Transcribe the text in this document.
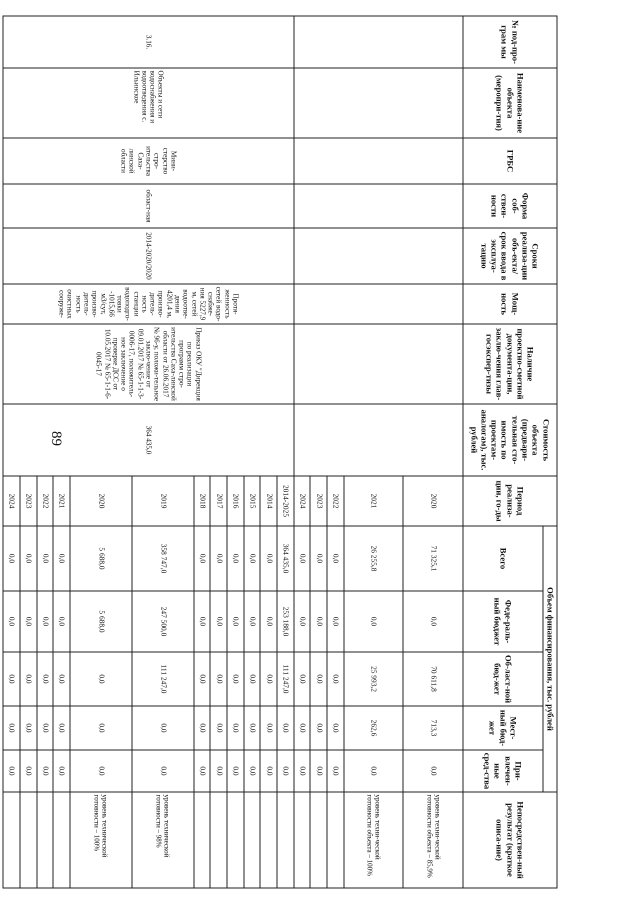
89
№ под-про-грам мы	Наименова-ние объекта (меропри-тия)	ГРБС	Форма соб-ствен-ности	Сроки реализа-ции объ-екта/срок ввода в эксплуа-тацию	Мощ-ность	Наличие проектно-сметной документа-ции, заклю-чения глав-госэкспер-тизы	Стоимость объекта (предвари-тельная сто-имость по проектам-аналогам), тыс. рублей	Период реализа-ции, го-ды	Объем финансирования, тыс. рублей					Непосредствен-ный результат (краткое описа-ние)
									Всего	Феде-раль-ный бюджет	Об-ласт-ной бюд-жет	Мест-ный бюд-жет	При-влечен-ные сред-ства	
								2020	71 325,1	0,0	70 611,8	713,3	0,0	уровень техни-ческой готовности объекта – 85,9%
								2021	26 255,8	0,0	25 993,2	262,6	0,0	уровень техни-ческой готовности объекта – 100%
								2022	0,0	0,0	0,0	0,0	0,0	
								2023	0,0	0,0	0,0	0,0	0,0	
								2024	0,0	0,0	0,0	0,0	0,0	
3.16.	Объекты и сети водоснабжения и водоотведения с. Ильинское	Мини-стерство стро-ительства Саха-линской области	област-ная	2014-2020/2020	Протя-женность сетей водо-снабже-ния 5227,9 м, сетей водоотве-дения 4201,4 м, произво-дитель-ность станции водоподго-товки -1015,66 м3/сут, произво-дитель-ность очистных сооруже-	Приказ ОКУ "Дирекция по реализации программ стро-ительства Саха-линской области от 26.06.2017 № 96-у, положи-тельное заклю-чение от 09.01.2017 № 65-1-1-3-0006-17, положитель-ное заключение о проверке ДСС от 10.05.2017 № 65-1-1-6-0045-17	364 435,0	2014-2025	364 435,0	253 188,0	111 247,0	0,0	0,0	
								2014	0,0	0,0	0,0	0,0	0,0	
								2015	0,0	0,0	0,0	0,0	0,0	
								2016	0,0	0,0	0,0	0,0	0,0	
								2017	0,0	0,0	0,0	0,0	0,0	
								2018	0,0	0,0	0,0	0,0	0,0	
								2019	358 747,0	247 500,0	111 247,0	0,0	0,0	уровень технической готовности – 98%
								2020	5 688,0	5 688,0	0,0	0,0	0,0	уровень технической готовности – 100%
								2021	0,0	0,0	0,0	0,0	0,0	
								2022	0,0	0,0	0,0	0,0	0,0	
								2023	0,0	0,0	0,0	0,0	0,0	
								2024	0,0	0,0	0,0	0,0	0,0	
